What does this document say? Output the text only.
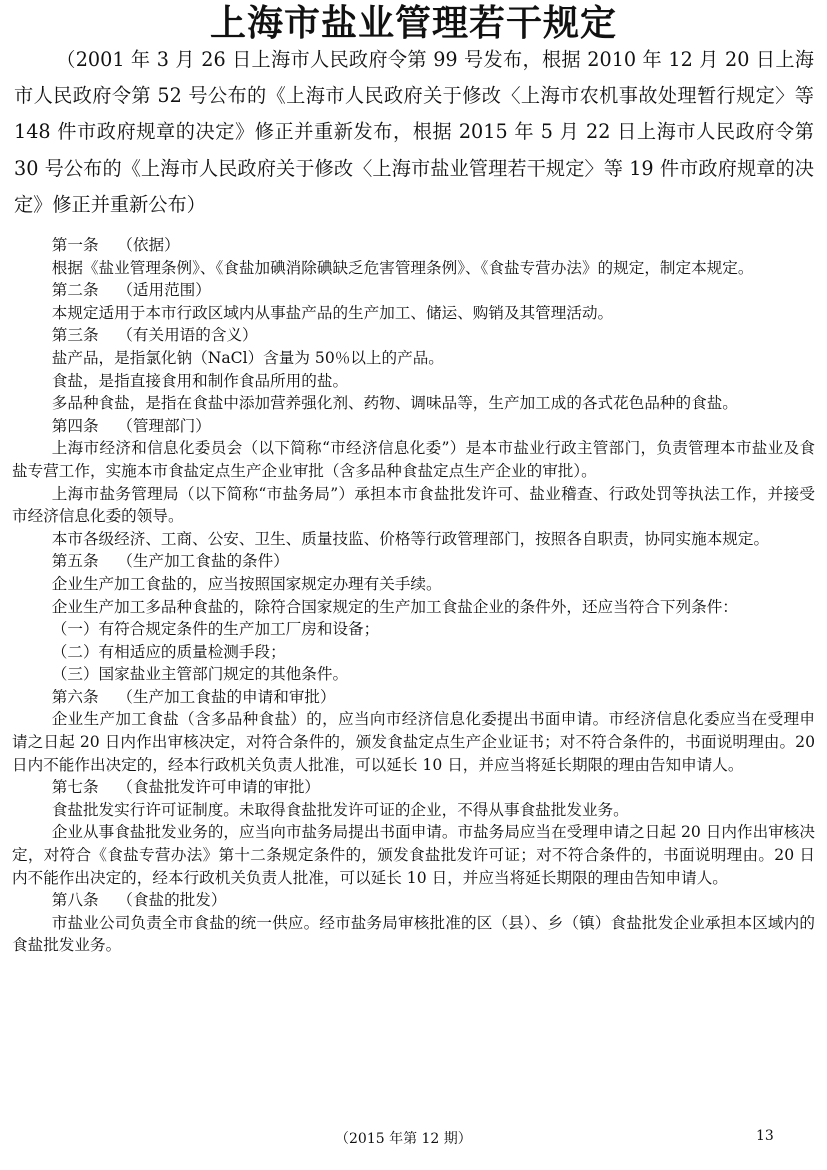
上海市盐业管理若干规定
（2001 年 3 月 26 日上海市人民政府令第 99 号发布，根据 2010 年 12 月 20 日上海市人民政府令第 52 号公布的《上海市人民政府关于修改〈上海市农机事故处理暂行规定〉等 148 件市政府规章的决定》修正并重新发布，根据 2015 年 5 月 22 日上海市人民政府令第 30 号公布的《上海市人民政府关于修改〈上海市盐业管理若干规定〉等 19 件市政府规章的决定》修正并重新公布）

第一条 （依据）

根据《盐业管理条例》、《食盐加碘消除碘缺乏危害管理条例》、《食盐专营办法》的规定，制定本规定。

第二条 （适用范围）

本规定适用于本市行政区域内从事盐产品的生产加工、储运、购销及其管理活动。

第三条 （有关用语的含义）

盐产品，是指氯化钠（NaCl）含量为 50％以上的产品。

食盐，是指直接食用和制作食品所用的盐。

多品种食盐，是指在食盐中添加营养强化剂、药物、调味品等，生产加工成的各式花色品种的食盐。

第四条 （管理部门）

上海市经济和信息化委员会（以下简称“市经济信息化委”）是本市盐业行政主管部门，负责管理本市盐业及食盐专营工作，实施本市食盐定点生产企业审批（含多品种食盐定点生产企业的审批）。

上海市盐务管理局（以下简称“市盐务局”）承担本市食盐批发许可、盐业稽查、行政处罚等执法工作，并接受市经济信息化委的领导。

本市各级经济、工商、公安、卫生、质量技监、价格等行政管理部门，按照各自职责，协同实施本规定。

第五条 （生产加工食盐的条件）

企业生产加工食盐的，应当按照国家规定办理有关手续。

企业生产加工多品种食盐的，除符合国家规定的生产加工食盐企业的条件外，还应当符合下列条件：

（一）有符合规定条件的生产加工厂房和设备；

（二）有相适应的质量检测手段；

（三）国家盐业主管部门规定的其他条件。

第六条 （生产加工食盐的申请和审批）

企业生产加工食盐（含多品种食盐）的，应当向市经济信息化委提出书面申请。市经济信息化委应当在受理申请之日起 20 日内作出审核决定，对符合条件的，颁发食盐定点生产企业证书；对不符合条件的，书面说明理由。20 日内不能作出决定的，经本行政机关负责人批准，可以延长 10 日，并应当将延长期限的理由告知申请人。

第七条 （食盐批发许可申请的审批）

食盐批发实行许可证制度。未取得食盐批发许可证的企业，不得从事食盐批发业务。

企业从事食盐批发业务的，应当向市盐务局提出书面申请。市盐务局应当在受理申请之日起 20 日内作出审核决定，对符合《食盐专营办法》第十二条规定条件的，颁发食盐批发许可证；对不符合条件的，书面说明理由。20 日内不能作出决定的，经本行政机关负责人批准，可以延长 10 日，并应当将延长期限的理由告知申请人。

第八条 （食盐的批发）

市盐业公司负责全市食盐的统一供应。经市盐务局审核批准的区（县）、乡（镇）食盐批发企业承担本区域内的食盐批发业务。

（2015 年第 12 期）	13
